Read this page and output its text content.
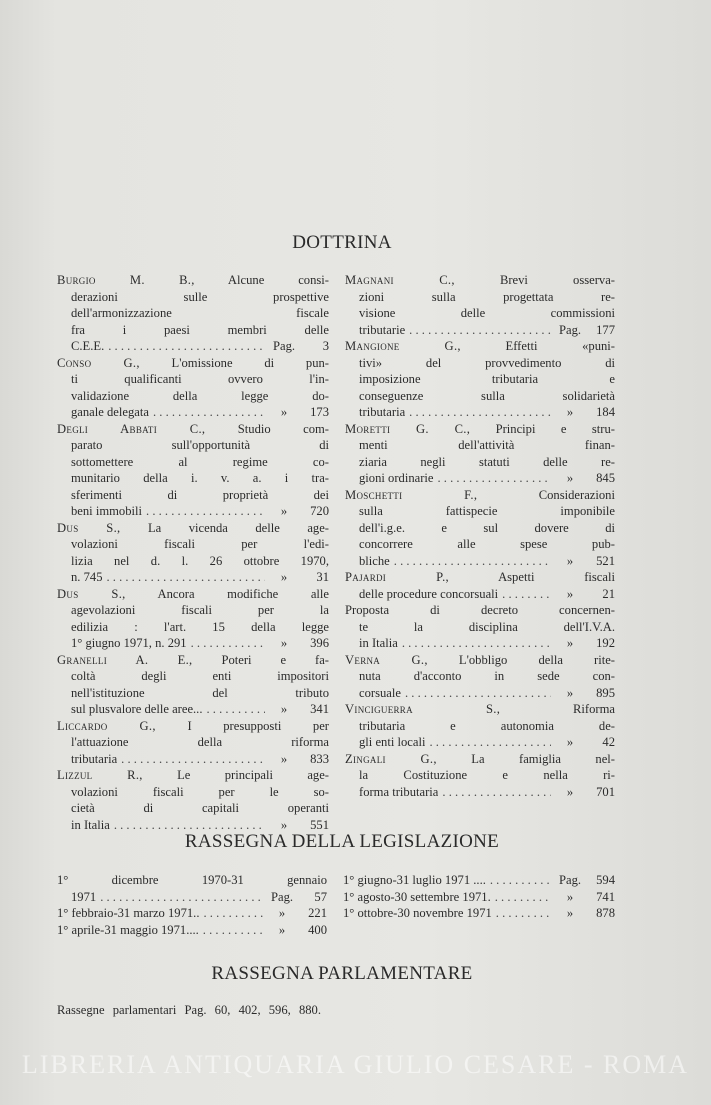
DOTTRINA
Burgio M. B.,	Alcune consi-
derazioni sulle prospettive
dell'armonizzazione fiscale
fra i paesi membri delle
C.E.E. . . .	Pag.	3
Conso G.,	L'omissione di pun-
ti qualificanti ovvero l'in-
validazione della legge do-
ganale delegata . . .	»	173
Degli Abbati C.,	Studio com-
parato sull'opportunità di
sottomettere al regime co-
munitario della i. v. a. i tra-
sferimenti di proprietà dei
beni immobili . . .	»	720
Dus S., La vicenda delle age-
volazioni fiscali per l'edi-
lizia nel d. l. 26 ottobre 1970,
n. 745 . . .	»	31
Dus S.,	Ancora modifiche alle
agevolazioni fiscali per la
edilizia : l'art. 15 della legge
1° giugno 1971, n. 291 . . .	»	396
Granelli A. E., Poteri e fa-
coltà degli enti impositori
nell'istituzione del tributo
sul plusvalore delle aree... . . .	»	341
Liccardo G.,	I presupposti per
l'attuazione della riforma
tributaria . . .	»	833
Lizzul R.,	Le principali age-
volazioni fiscali per le so-
cietà di capitali operanti
in Italia . . .	»	551
Magnani C.,	Brevi osserva-
zioni sulla progettata re-
visione delle commissioni
tributarie . . .	Pag.	177
Mangione G.,	Effetti «puni-
tivi» del provvedimento di
imposizione tributaria e
conseguenze sulla solidarietà
tributaria . . .	»	184
Moretti G. C., Principi e stru-
menti dell'attività finan-
ziaria negli statuti delle re-
gioni ordinarie . . .	»	845
Moschetti F.,	Considerazioni
sulla fattispecie imponibile
dell'i.g.e. e sul dovere di
concorrere alle spese pub-
bliche . . .	»	521
Pajardi P.,	Aspetti fiscali
delle procedure concorsuali . . .	»	21
Proposta di decreto concernen-
te la disciplina dell'I.V.A.
in Italia . . .	»	192
Verna G., L'obbligo della rite-
nuta d'acconto in sede con-
corsuale . . .	»	895
Vinciguerra S.,	Riforma
tributaria e autonomia de-
gli enti locali . . .	»	42
Zingali G.,	La famiglia nel-
la Costituzione e nella ri-
forma tributaria . . .	»	701
RASSEGNA DELLA LEGISLAZIONE
1° dicembre 1970-31 gennaio
1971 . . .	Pag.	57
1° febbraio-31 marzo 1971.. . . .	»	221
1° aprile-31 maggio 1971.... . . .	»	400
1° giugno-31 luglio 1971 .... . . .	Pag.	594
1° agosto-30 settembre 1971. . . .	»	741
1° ottobre-30 novembre 1971 . . .	»	878
RASSEGNA PARLAMENTARE
Rassegne parlamentari Pag. 60, 402, 596, 880.
LIBRERIA ANTIQUARIA GIULIO CESARE - ROMA
